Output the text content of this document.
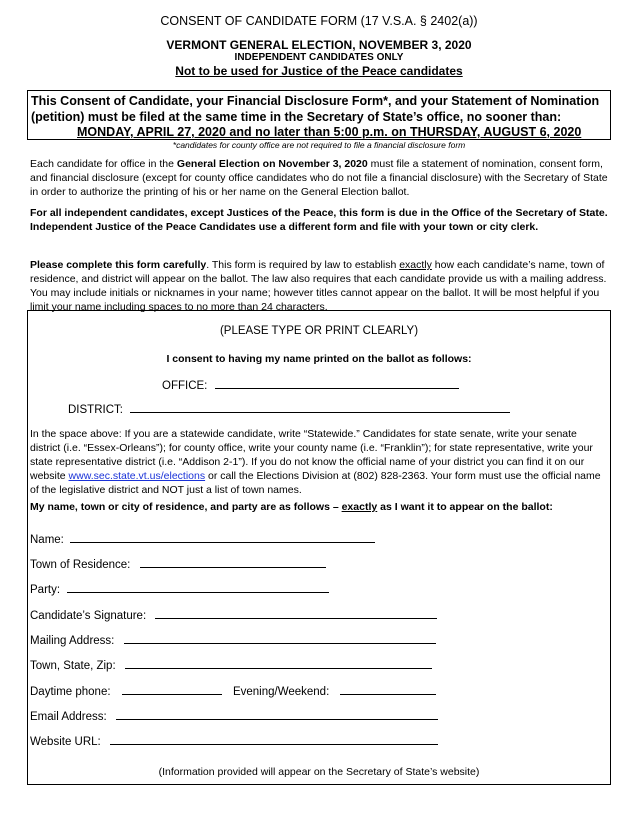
CONSENT OF CANDIDATE FORM (17 V.S.A. § 2402(a))
VERMONT GENERAL ELECTION, NOVEMBER 3, 2020
INDEPENDENT CANDIDATES ONLY
Not to be used for Justice of the Peace candidates
This Consent of Candidate, your Financial Disclosure Form*, and your Statement of Nomination
(petition) must be filed at the same time in the Secretary of State’s office, no sooner than:
MONDAY, APRIL 27, 2020 and no later than 5:00 p.m. on THURSDAY, AUGUST 6, 2020
*candidates for county office are not required to file a financial disclosure form
Each candidate for office in the General Election on November 3, 2020 must file a statement of nomination, consent form, and financial disclosure (except for county office candidates who do not file a financial disclosure) with the Secretary of State in order to authorize the printing of his or her name on the General Election ballot.
For all independent candidates, except Justices of the Peace, this form is due in the Office of the Secretary of State. Independent Justice of the Peace Candidates use a different form and file with your town or city clerk.
Please complete this form carefully. This form is required by law to establish exactly how each candidate’s name, town of residence, and district will appear on the ballot. The law also requires that each candidate provide us with a mailing address. You may include initials or nicknames in your name; however titles cannot appear on the ballot. It will be most helpful if you limit your name including spaces to no more than 24 characters.
(PLEASE TYPE OR PRINT CLEARLY)
I consent to having my name printed on the ballot as follows:
OFFICE:
DISTRICT:
In the space above: If you are a statewide candidate, write “Statewide.” Candidates for state senate, write your senate district (i.e. “Essex-Orleans”); for county office, write your county name (i.e. “Franklin”); for state representative, write your state representative district (i.e. “Addison 2-1”). If you do not know the official name of your district you can find it on our website www.sec.state.vt.us/elections or call the Elections Division at (802) 828-2363. Your form must use the official name of the legislative district and NOT just a list of town names.
My name, town or city of residence, and party are as follows – exactly as I want it to appear on the ballot:
Name:
Town of Residence:
Party:
Candidate’s Signature:
Mailing Address:
Town, State, Zip:
Daytime phone:	Evening/Weekend:
Email Address:
Website URL:
(Information provided will appear on the Secretary of State’s website)
